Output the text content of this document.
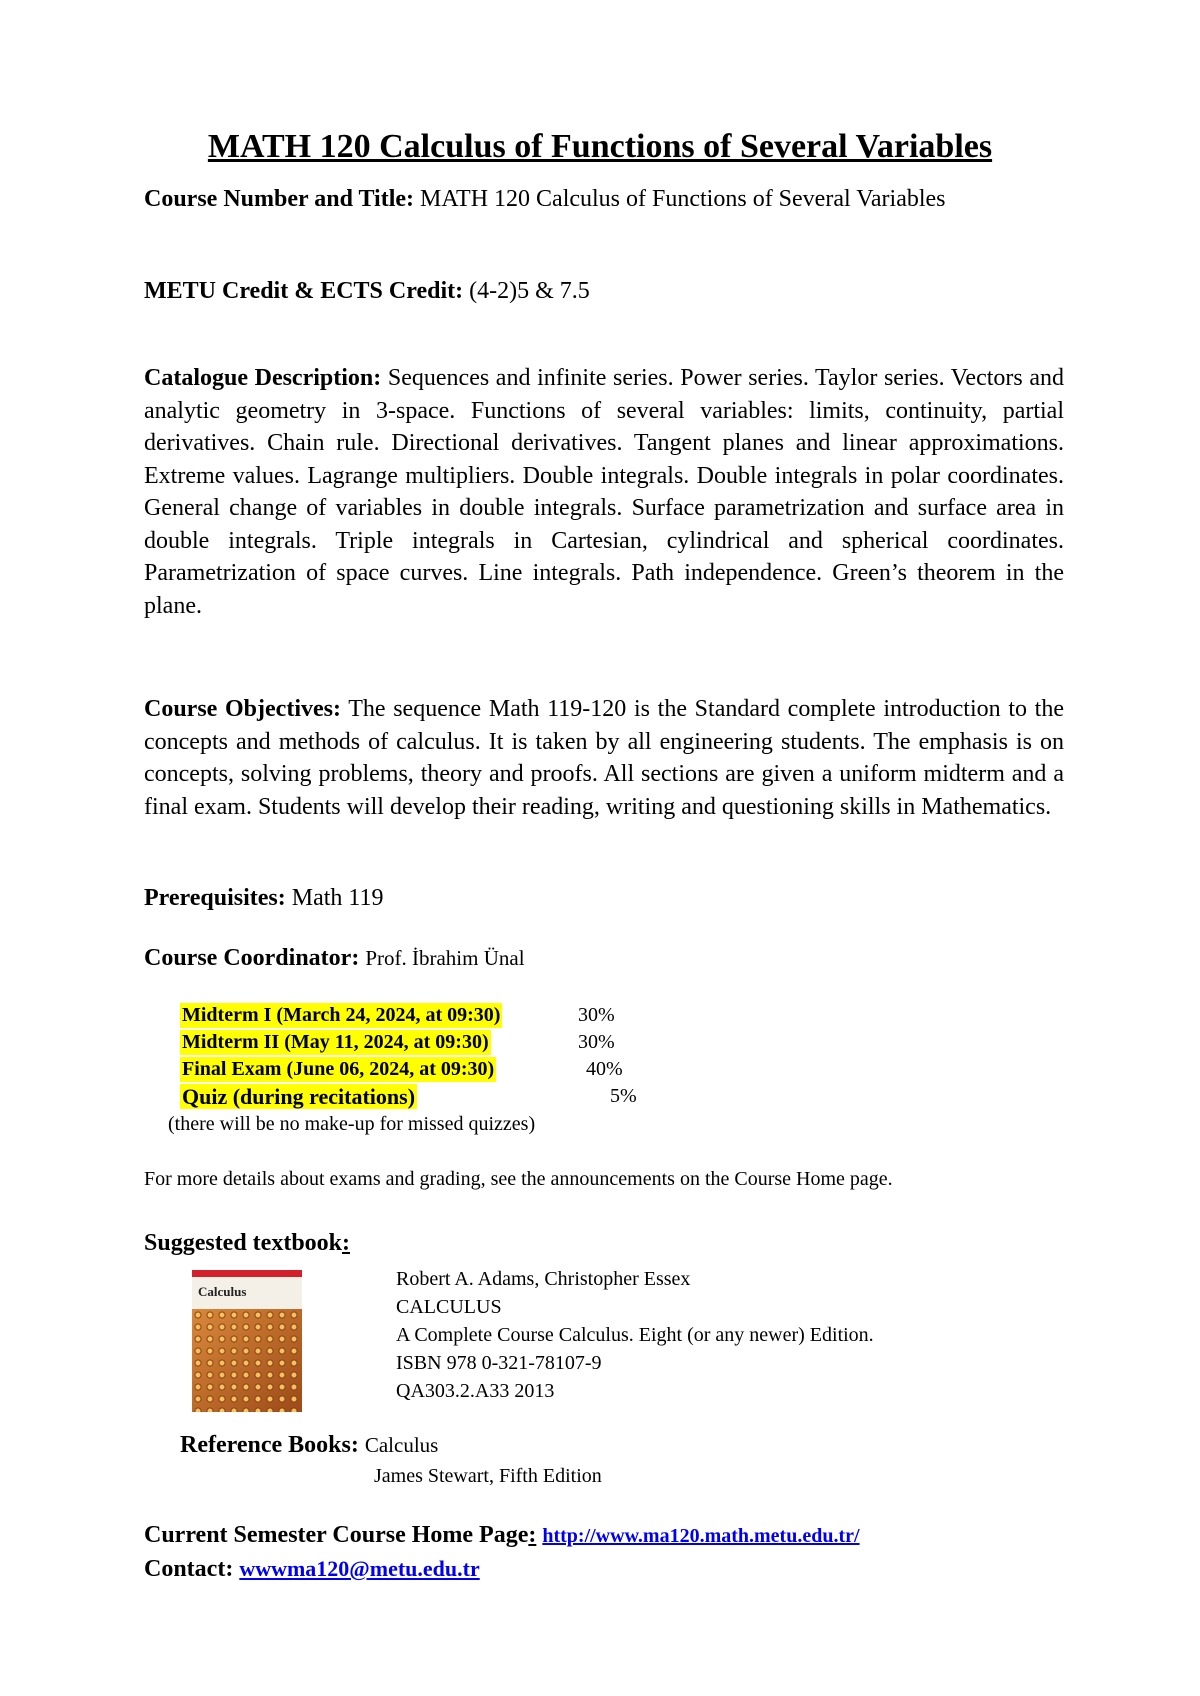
MATH 120 Calculus of Functions of Several Variables

Course Number and Title: MATH 120 Calculus of Functions of Several Variables

METU Credit & ECTS Credit: (4-2)5 & 7.5

Catalogue Description: Sequences and infinite series. Power series. Taylor series. Vectors and analytic geometry in 3-space. Functions of several variables: limits, continuity, partial derivatives. Chain rule. Directional derivatives. Tangent planes and linear approximations. Extreme values. Lagrange multipliers. Double integrals. Double integrals in polar coordinates. General change of variables in double integrals. Surface parametrization and surface area in double integrals. Triple integrals in Cartesian, cylindrical and spherical coordinates. Parametrization of space curves. Line integrals. Path independence. Green’s theorem in the plane.

Course Objectives: The sequence Math 119-120 is the Standard complete introduction to the concepts and methods of calculus. It is taken by all engineering students. The emphasis is on concepts, solving problems, theory and proofs. All sections are given a uniform midterm and a final exam. Students will develop their reading, writing and questioning skills in Mathematics.

Prerequisites: Math 119

Course Coordinator: Prof. İbrahim Ünal

Midterm I (March 24, 2024, at 09:30)	30%
Midterm II (May 11, 2024, at 09:30)	30%
Final Exam (June 06, 2024, at 09:30)	40%
Quiz (during recitations)	5%
(there will be no make-up for missed quizzes)
For more details about exams and grading, see the announcements on the Course Home page.
Suggested textbook:
Calculus
Robert A. Adams, Christopher Essex
CALCULUS
A Complete Course Calculus. Eight (or any newer) Edition.
ISBN 978 0-321-78107-9
QA303.2.A33 2013
Reference Books: Calculus
James Stewart, Fifth Edition
Current Semester Course Home Page: http://www.ma120.math.metu.edu.tr/
Contact: wwwma120@metu.edu.tr
